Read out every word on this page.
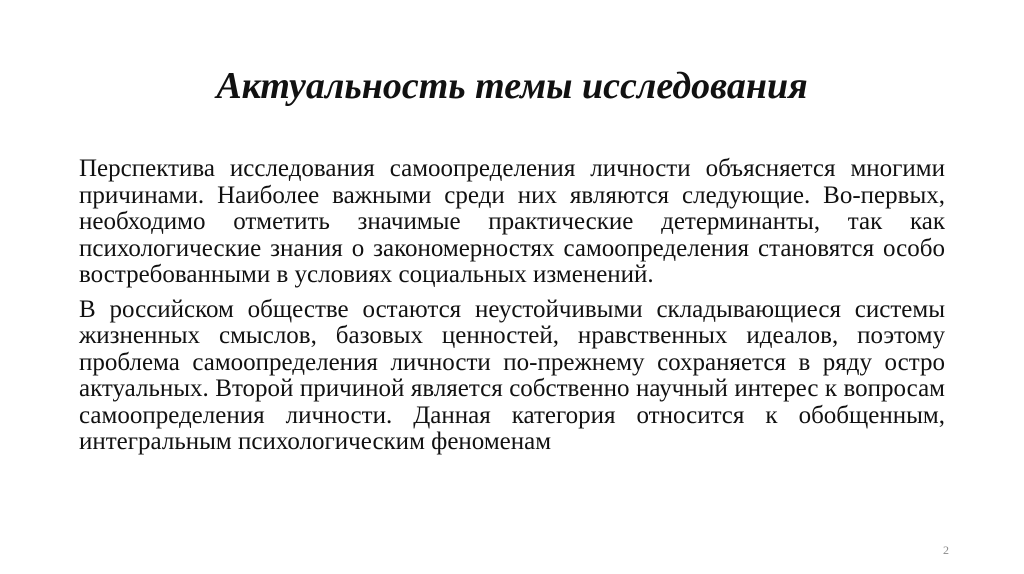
Актуальность темы исследования

Перспектива исследования самоопределения личности объясняется многими причинами. Наиболее важными среди них являются следующие. Во-первых, необходимо отметить значимые практические детерминанты, так как психологические знания о закономерностях самоопределения становятся особо востребованными в условиях социальных изменений.

В российском обществе остаются неустойчивыми складывающиеся системы жизненных смыслов, базовых ценностей, нравственных идеалов, поэтому проблема самоопределения личности по-прежнему сохраняется в ряду остро актуальных. Второй причиной является собственно научный интерес к вопросам самоопределения личности. Данная категория относится к обобщенным, интегральным психологическим феноменам

2
